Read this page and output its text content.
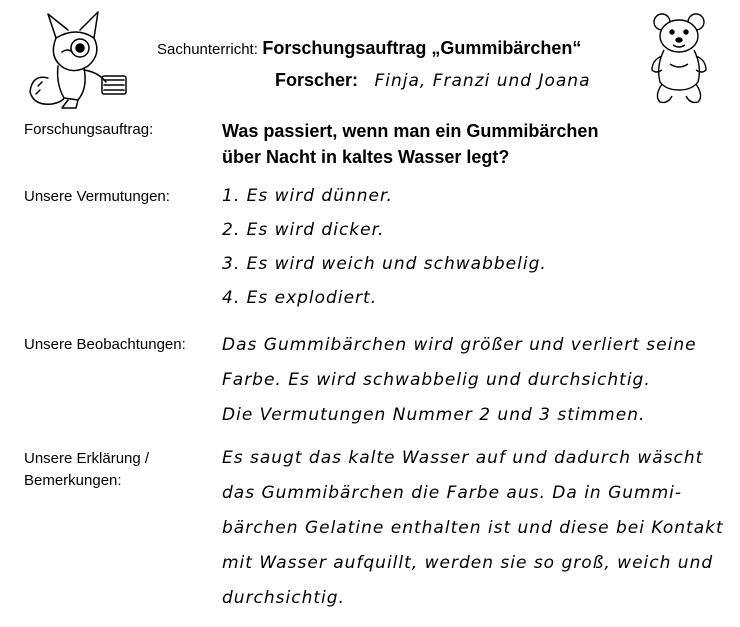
Sachunterricht: Forschungsauftrag „Gummibärchen“
Forscher: Finja, Franzi und Joana
Forschungsauftrag:	Was passiert, wenn man ein Gummibärchen
über Nacht in kaltes Wasser legt?
Unsere Vermutungen:	1. Es wird dünner.
2. Es wird dicker.
3. Es wird weich und schwabbelig.
4. Es explodiert.
Unsere Beobachtungen: Das Gummibärchen wird größer und verliert seine
Farbe. Es wird schwabbelig und durchsichtig.
Die Vermutungen Nummer 2 und 3 stimmen.
Unsere Erklärung /
Bemerkungen:
Es saugt das kalte Wasser auf und dadurch wäscht
das Gummibärchen die Farbe aus. Da in Gummi-
bärchen Gelatine enthalten ist und diese bei Kontakt
mit Wasser aufquillt, werden sie so groß, weich und
durchsichtig.
